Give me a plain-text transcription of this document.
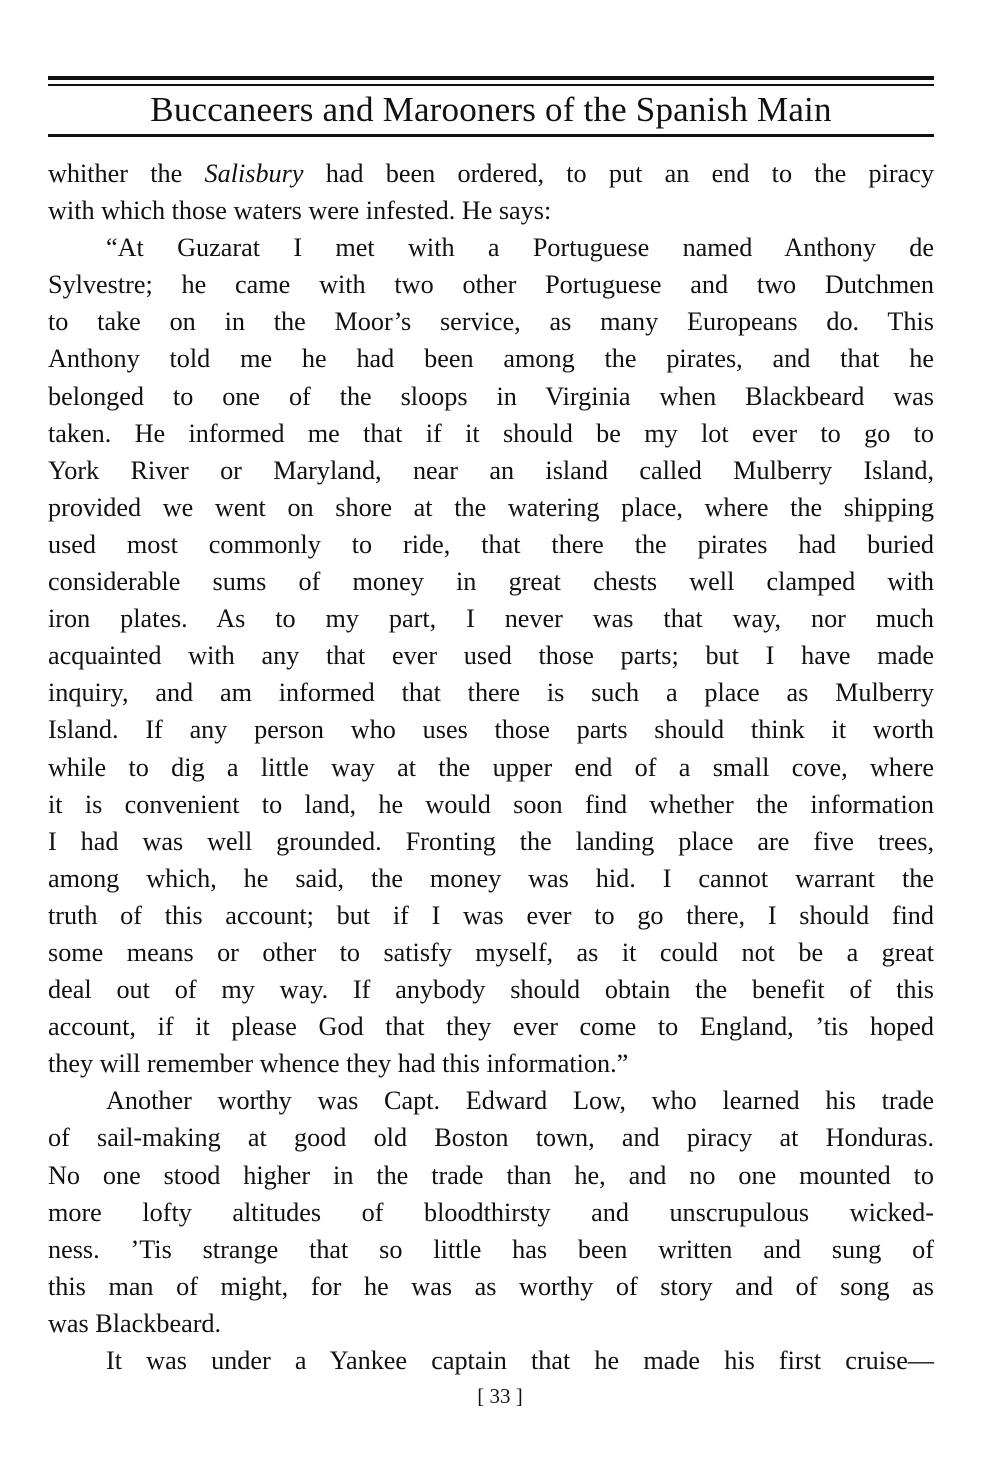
Buccaneers and Marooners of the Spanish Main
whither the Salisbury had been ordered, to put an end to the piracy
with which those waters were infested. He says:
“At Guzarat I met with a Portuguese named Anthony de
Sylvestre; he came with two other Portuguese and two Dutchmen
to take on in the Moor’s service, as many Europeans do. This
Anthony told me he had been among the pirates, and that he
belonged to one of the sloops in Virginia when Blackbeard was
taken. He informed me that if it should be my lot ever to go to
York River or Maryland, near an island called Mulberry Island,
provided we went on shore at the watering place, where the shipping
used most commonly to ride, that there the pirates had buried
considerable sums of money in great chests well clamped with
iron plates. As to my part, I never was that way, nor much
acquainted with any that ever used those parts; but I have made
inquiry, and am informed that there is such a place as Mulberry
Island. If any person who uses those parts should think it worth
while to dig a little way at the upper end of a small cove, where
it is convenient to land, he would soon find whether the information
I had was well grounded. Fronting the landing place are five trees,
among which, he said, the money was hid. I cannot warrant the
truth of this account; but if I was ever to go there, I should find
some means or other to satisfy myself, as it could not be a great
deal out of my way. If anybody should obtain the benefit of this
account, if it please God that they ever come to England, ’tis hoped
they will remember whence they had this information.”
Another worthy was Capt. Edward Low, who learned his trade
of sail-making at good old Boston town, and piracy at Honduras.
No one stood higher in the trade than he, and no one mounted to
more lofty altitudes of bloodthirsty and unscrupulous wicked-
ness. ’Tis strange that so little has been written and sung of
this man of might, for he was as worthy of story and of song as
was Blackbeard.
It was under a Yankee captain that he made his first cruise—
[ 33 ]
